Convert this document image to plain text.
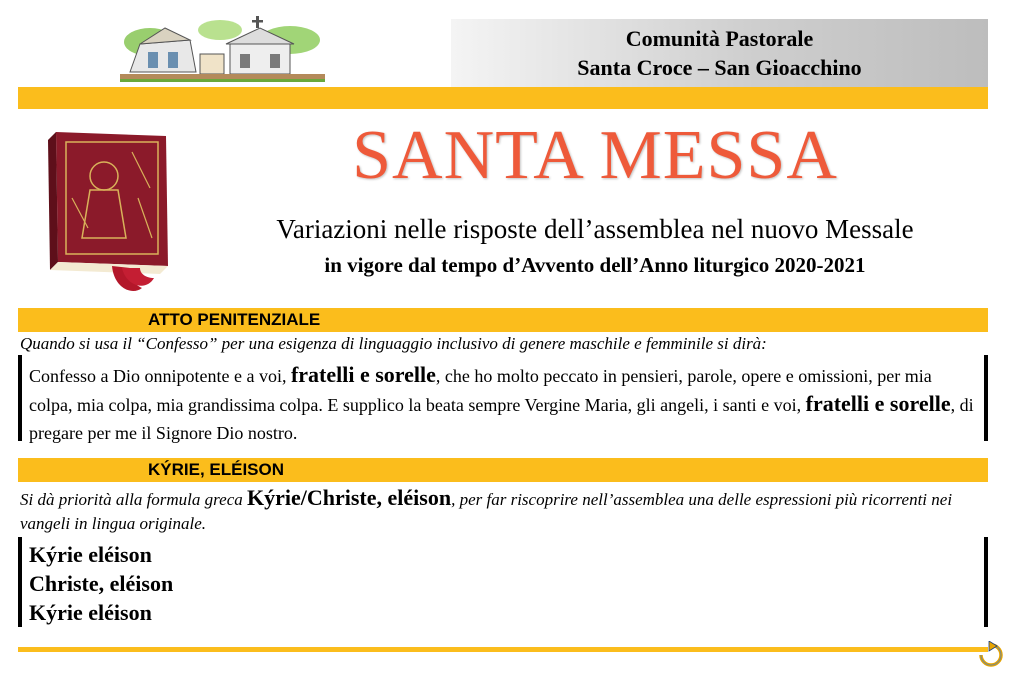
Comunità Pastorale
Santa Croce – San Gioacchino
SANTA MESSA
Variazioni nelle risposte dell’assemblea nel nuovo Messale
in vigore dal tempo d’Avvento dell’Anno liturgico 2020-2021
ATTO PENITENZIALE
Quando si usa il “Confesso” per una esigenza di linguaggio inclusivo di genere maschile e femminile si dirà:
Confesso a Dio onnipotente e a voi, fratelli e sorelle, che ho molto peccato in pensieri, parole, opere e omissioni, per mia colpa, mia colpa, mia grandissima colpa. E supplico la beata sempre Vergine Maria, gli angeli, i santi e voi, fratelli e sorelle, di pregare per me il Signore Dio nostro.
KÝRIE, ELÉISON
Si dà priorità alla formula greca Kýrie/Christe, eléison, per far riscoprire nell’assemblea una delle espressioni più ricorrenti nei vangeli in lingua originale.
Kýrie eléison
Christe, eléison
Kýrie eléison
